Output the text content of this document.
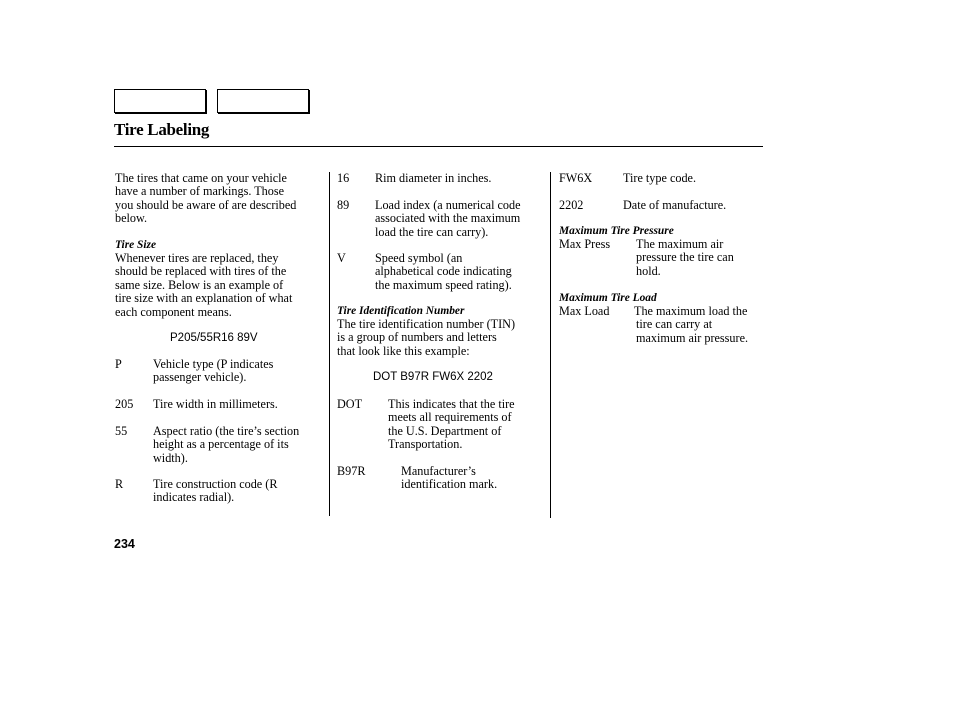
Tire Labeling
The tires that came on your vehicle
have a number of markings. Those
you should be aware of are described
below.
Tire Size
Whenever tires are replaced, they
should be replaced with tires of the
same size. Below is an example of
tire size with an explanation of what
each component means.
P205/55R16 89V
P	Vehicle type (P indicates
passenger vehicle).
205 Tire width in millimeters.
55 Aspect ratio (the tire’s section
height as a percentage of its
width).
R Tire construction code (R
indicates radial).
16 Rim diameter in inches.
89 Load index (a numerical code
associated with the maximum
load the tire can carry).
V Speed symbol (an
alphabetical code indicating
the maximum speed rating).
Tire Identification Number
The tire identification number (TIN)
is a group of numbers and letters
that look like this example:
DOT B97R FW6X 2202
DOT This indicates that the tire
meets all requirements of
the U.S. Department of
Transportation.
B97R	Manufacturer’s
identification mark.
FW6X	Tire type code.
2202	Date of manufacture.
Maximum Tire Pressure
Max Press The maximum air
pressure the tire can
hold.
Maximum Tire Load
Max Load The maximum load the
tire can carry at
maximum air pressure.
234
